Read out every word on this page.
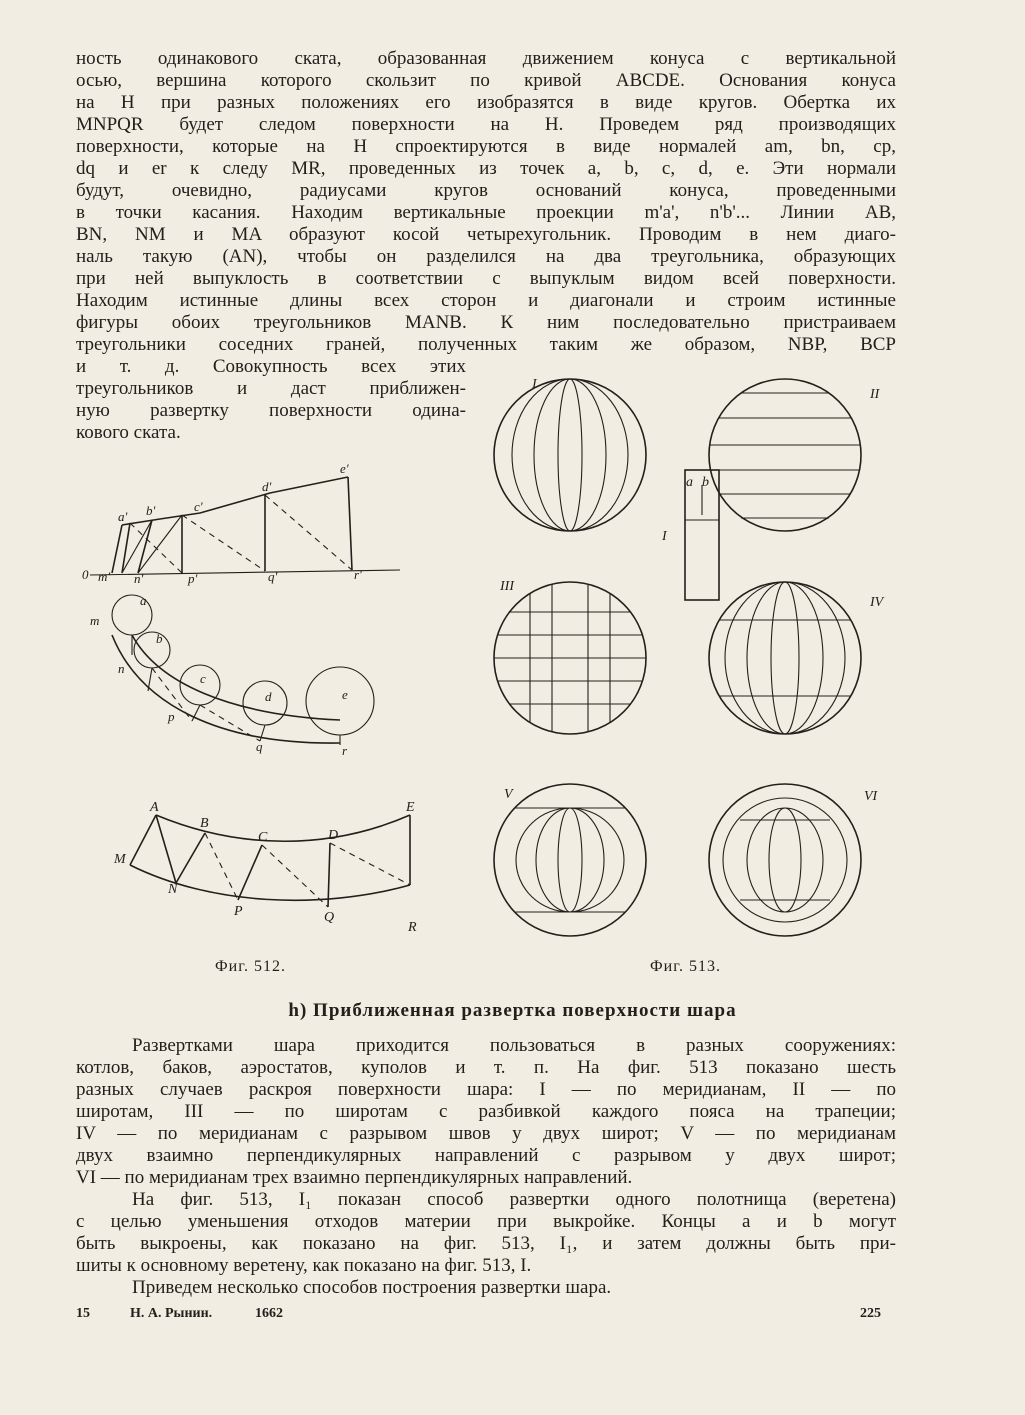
ность одинакового ската, образованная движением конуса с вертикальной
осью, вершина которого скользит по кривой ABCDE. Основания конуса
на H при разных положениях его изобразятся в виде кругов. Обертка их
MNPQR будет следом поверхности на H. Проведем ряд производящих
поверхности, которые на H спроектируются в виде нормалей am, bn, cp,
dq и er к следу MR, проведенных из точек a, b, c, d, e. Эти нормали
будут, очевидно, радиусами кругов оснований конуса, проведенными
в точки касания. Находим вертикальные проекции m'a', n'b'... Линии AB,
BN, NM и MA образуют косой четырехугольник. Проводим в нем диаго-
наль такую (AN), чтобы он разделился на два треугольника, образующих
при ней выпуклость в соответствии с выпуклым видом всей поверхности.
Находим истинные длины всех сторон и диагонали и строим истинные
фигуры обоих треугольников MANB. К ним последовательно пристраиваем
треугольники соседних граней, полученных таким же образом, NBP, BCP
и т. д. Совокупность всех этих
треугольников и даст приближен-
ную развертку поверхности одина-
кового ската.
a' b'	c'
d'
e'
m' n'	p'	q'	r'
0
a
b
c
d	e
m
n
p
q	r
A
B
C	D
E
M
N
P	Q
R
I
II
III
IV
V	VI
I
a b
Фиг. 512.	Фиг. 513.
h) Приближенная развертка поверхности шара
Развертками шара приходится пользоваться в разных сооружениях:
котлов, баков, аэростатов, куполов и т. п. На фиг. 513 показано шесть
разных случаев раскроя поверхности шара: I — по меридианам, II — по
широтам, III — по широтам с разбивкой каждого пояса на трапеции;
IV — по меридианам с разрывом швов у двух широт; V — по меридианам
двух взаимно перпендикулярных направлений с разрывом у двух широт;
VI — по меридианам трех взаимно перпендикулярных направлений.
На фиг. 513, I₁ показан способ развертки одного полотнища (веретена)
с целью уменьшения отходов материи при выкройке. Концы a и b могут
быть выкроены, как показано на фиг. 513, I₁, и затем должны быть при-
шиты к основному веретену, как показано на фиг. 513, I.
Приведем несколько способов построения развертки шара.
15	Н. А. Рынин.	1662	225
